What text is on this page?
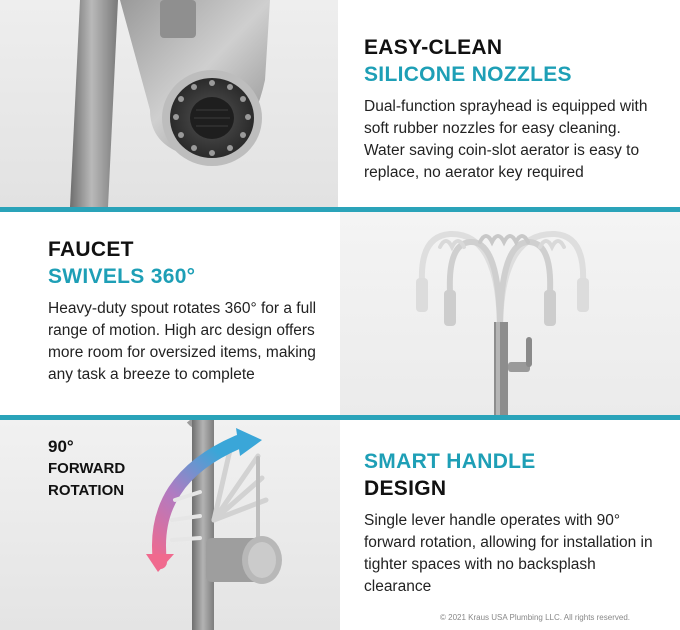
EASY-CLEAN
SILICONE NOZZLES

Dual-function sprayhead is equipped with soft rubber nozzles for easy cleaning. Water saving coin-slot aerator is easy to replace, no aerator key required

FAUCET
SWIVELS 360°

Heavy-duty spout rotates 360° for a full range of motion. High arc design offers more room for oversized items, making any task a breeze to complete

90°
FORWARD
ROTATION
SMART HANDLE
DESIGN

Single lever handle operates with 90° forward rotation, allowing for installation in tighter spaces with no backsplash clearance

© 2021 Kraus USA Plumbing LLC. All rights reserved.
